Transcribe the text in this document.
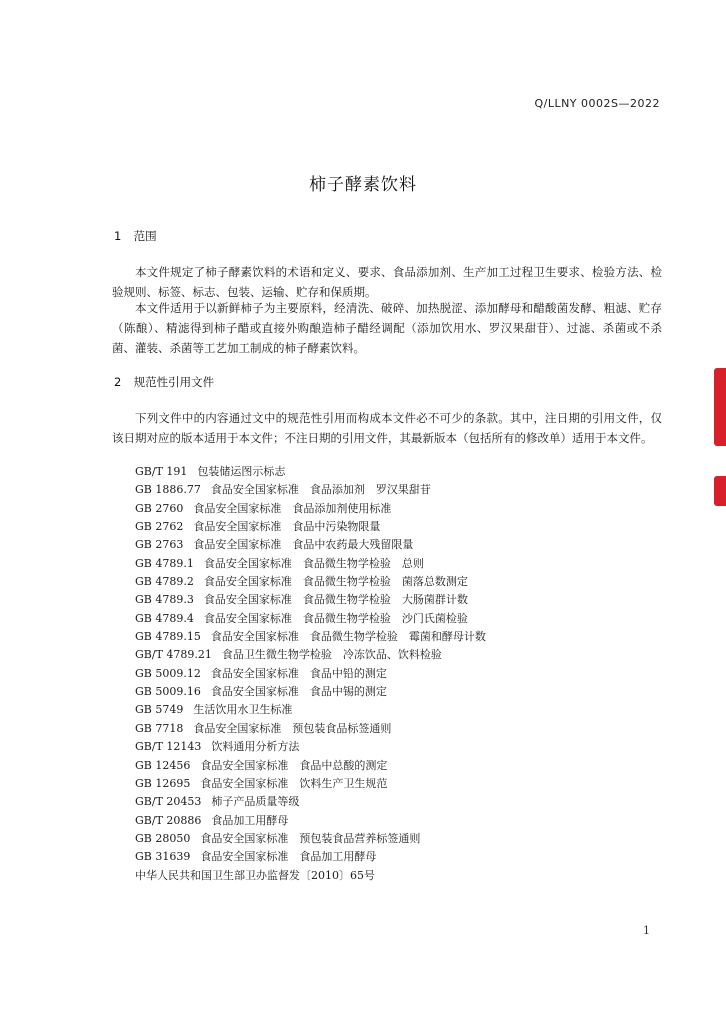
Q/LLNY 0002S—2022
柿子酵素饮料
1 范围

本文件规定了柿子酵素饮料的术语和定义、要求、食品添加剂、生产加工过程卫生要求、检验方法、检验规则、标签、标志、包装、运输、贮存和保质期。

本文件适用于以新鲜柿子为主要原料，经清洗、破碎、加热脱涩、添加酵母和醋酸菌发酵、粗滤、贮存（陈酿）、精滤得到柿子醋或直接外购酿造柿子醋经调配（添加饮用水、罗汉果甜苷）、过滤、杀菌或不杀菌、灌装、杀菌等工艺加工制成的柿子酵素饮料。

2 规范性引用文件

下列文件中的内容通过文中的规范性引用而构成本文件必不可少的条款。其中，注日期的引用文件，仅该日期对应的版本适用于本文件；不注日期的引用文件，其最新版本（包括所有的修改单）适用于本文件。

GB/T 191 包装储运图示标志
GB 1886.77 食品安全国家标准　食品添加剂　罗汉果甜苷
GB 2760 食品安全国家标准　食品添加剂使用标准
GB 2762 食品安全国家标准　食品中污染物限量
GB 2763 食品安全国家标准　食品中农药最大残留限量
GB 4789.1 食品安全国家标准　食品微生物学检验　总则
GB 4789.2 食品安全国家标准　食品微生物学检验　菌落总数测定
GB 4789.3 食品安全国家标准　食品微生物学检验　大肠菌群计数
GB 4789.4 食品安全国家标准　食品微生物学检验　沙门氏菌检验
GB 4789.15 食品安全国家标准　食品微生物学检验　霉菌和酵母计数
GB/T 4789.21 食品卫生微生物学检验　冷冻饮品、饮料检验
GB 5009.12 食品安全国家标准　食品中铅的测定
GB 5009.16 食品安全国家标准　食品中锡的测定
GB 5749 生活饮用水卫生标准
GB 7718 食品安全国家标准　预包装食品标签通则
GB/T 12143 饮料通用分析方法
GB 12456 食品安全国家标准　食品中总酸的测定
GB 12695 食品安全国家标准　饮料生产卫生规范
GB/T 20453 柿子产品质量等级
GB/T 20886 食品加工用酵母
GB 28050 食品安全国家标准　预包装食品营养标签通则
GB 31639 食品安全国家标准　食品加工用酵母
中华人民共和国卫生部卫办监督发〔2010〕65号
1
